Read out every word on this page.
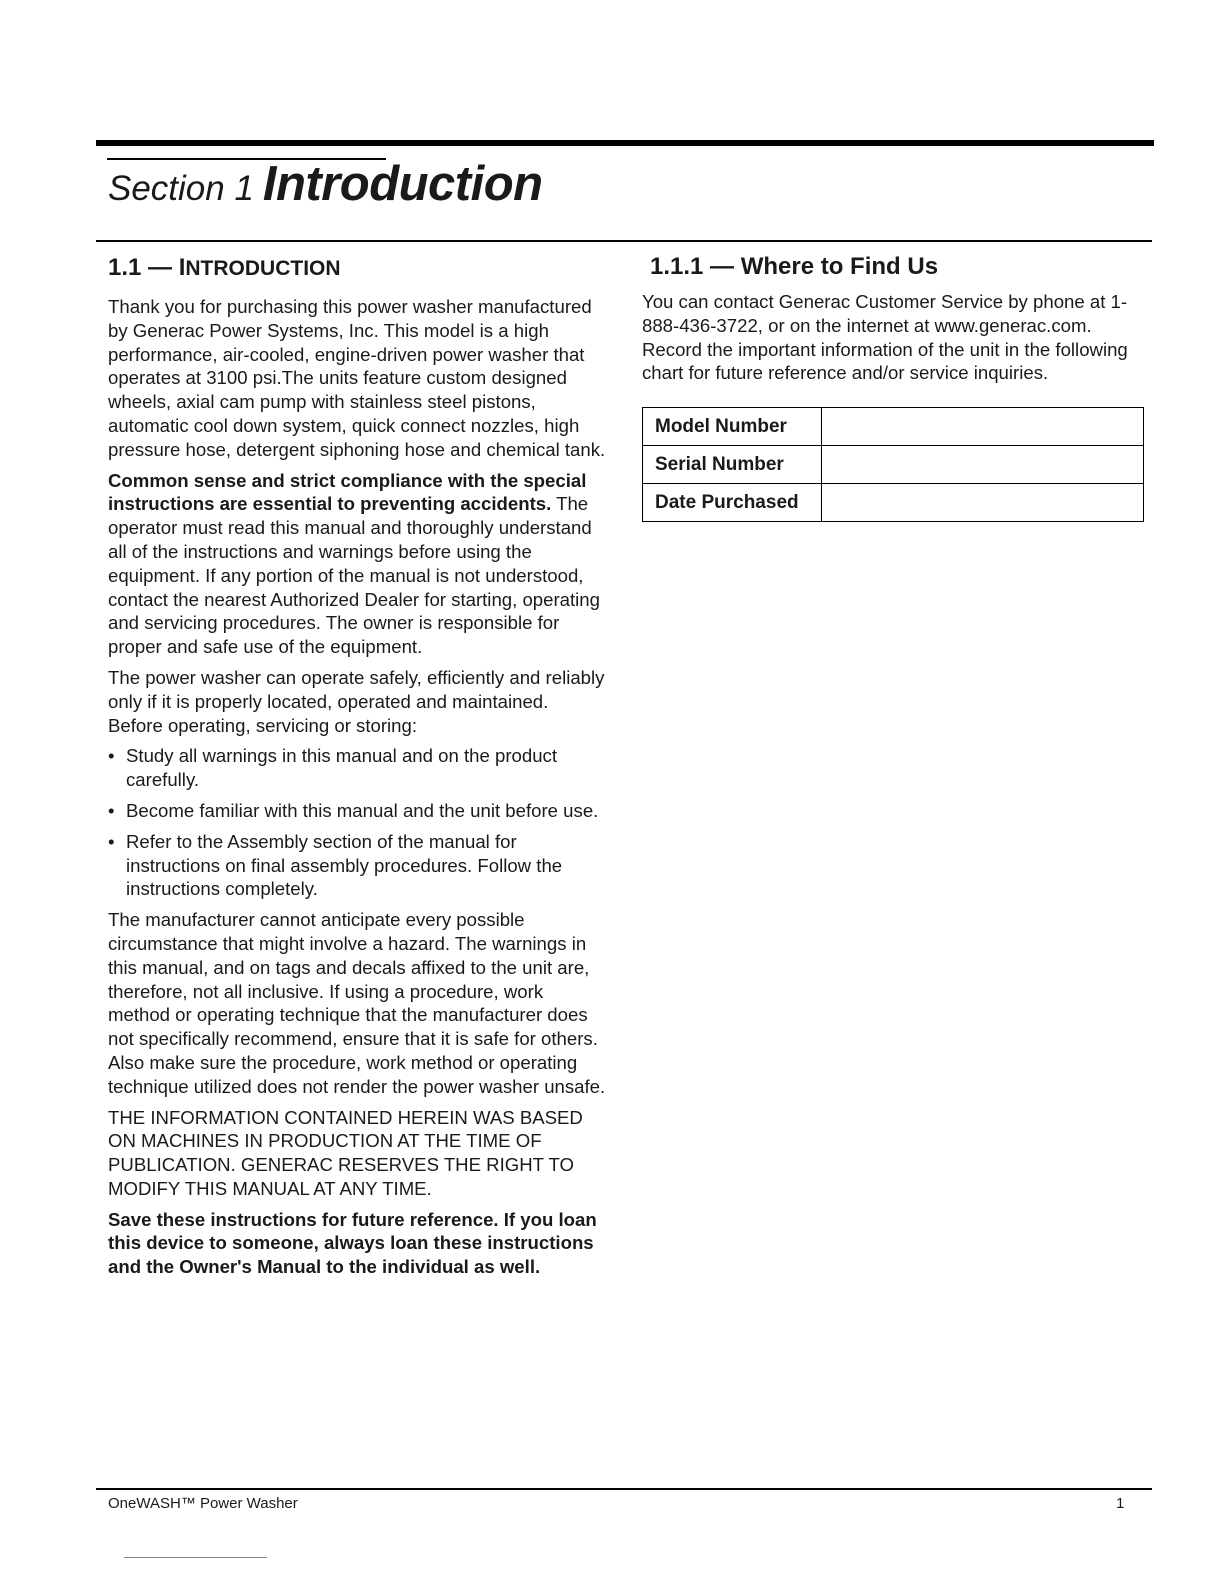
Section 1 Introduction
1.1 — INTRODUCTION

Thank you for purchasing this power washer manufactured by Generac Power Systems, Inc. This model is a high performance, air-cooled, engine-driven power washer that operates at 3100 psi.The units feature custom designed wheels, axial cam pump with stainless steel pistons, automatic cool down system, quick connect nozzles, high pressure hose, detergent siphoning hose and chemical tank.

Common sense and strict compliance with the special instructions are essential to preventing accidents. The operator must read this manual and thoroughly understand all of the instructions and warnings before using the equipment. If any portion of the manual is not understood, contact the nearest Authorized Dealer for starting, operating and servicing procedures. The owner is responsible for proper and safe use of the equipment.

The power washer can operate safely, efficiently and reliably only if it is properly located, operated and maintained. Before operating, servicing or storing:

• Study all warnings in this manual and on the product carefully.
• Become familiar with this manual and the unit before use.
• Refer to the Assembly section of the manual for instructions on final assembly procedures. Follow the instructions completely.

The manufacturer cannot anticipate every possible circumstance that might involve a hazard. The warnings in this manual, and on tags and decals affixed to the unit are, therefore, not all inclusive. If using a procedure, work method or operating technique that the manufacturer does not specifically recommend, ensure that it is safe for others. Also make sure the procedure, work method or operating technique utilized does not render the power washer unsafe.

THE INFORMATION CONTAINED HEREIN WAS BASED ON MACHINES IN PRODUCTION AT THE TIME OF PUBLICATION. GENERAC RESERVES THE RIGHT TO MODIFY THIS MANUAL AT ANY TIME.

Save these instructions for future reference. If you loan this device to someone, always loan these instructions and the Owner's Manual to the individual as well.

1.1.1 — Where to Find Us

You can contact Generac Customer Service by phone at 1-888-436-3722, or on the internet at www.generac.com. Record the important information of the unit in the following chart for future reference and/or service inquiries.

Model Number	
Serial Number	
Date Purchased	
OneWASH™ Power Washer	1
